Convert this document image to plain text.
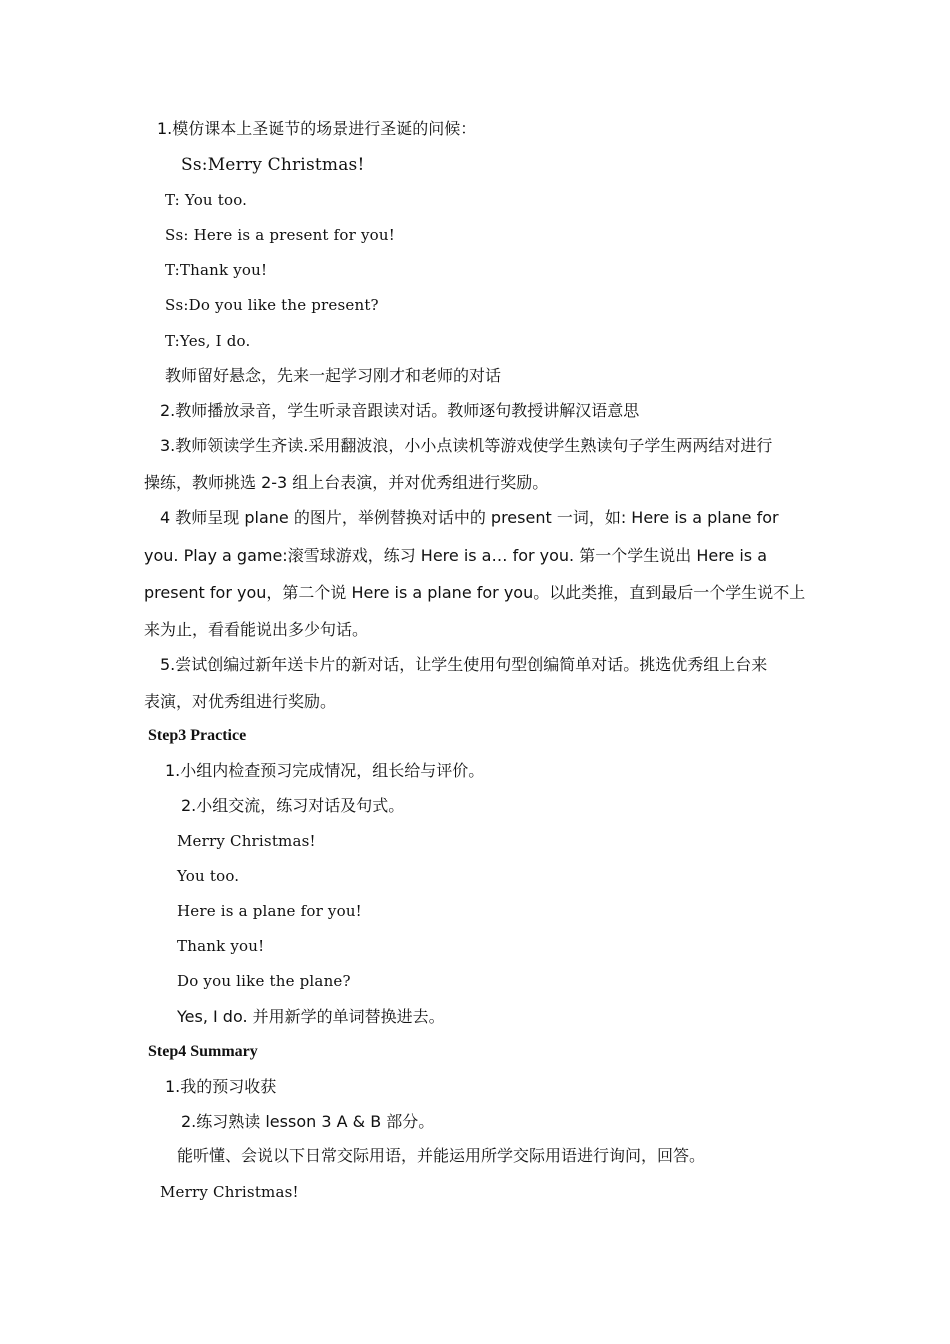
1.模仿课本上圣诞节的场景进行圣诞的问候：
Ss:Merry Christmas!
T: You too.
Ss: Here is a present for you!
T:Thank you!
Ss:Do you like the present?
T:Yes, I do.
教师留好悬念，先来一起学习刚才和老师的对话
2.教师播放录音，学生听录音跟读对话。教师逐句教授讲解汉语意思
3.教师领读学生齐读.采用翻波浪，小小点读机等游戏使学生熟读句子学生两两结对进行
操练，教师挑选 2-3 组上台表演，并对优秀组进行奖励。
4 教师呈现 plane 的图片，举例替换对话中的 present 一词，如: Here is a plane for
you. Play a game:滚雪球游戏，练习 Here is a… for you. 第一个学生说出 Here is a
present for you，第二个说 Here is a plane for you。以此类推，直到最后一个学生说不上
来为止，看看能说出多少句话。
5.尝试创编过新年送卡片的新对话，让学生使用句型创编简单对话。挑选优秀组上台来
表演，对优秀组进行奖励。
Step3 Practice
1.小组内检查预习完成情况，组长给与评价。
2.小组交流，练习对话及句式。
Merry Christmas!
You too.
Here is a plane for you!
Thank you!
Do you like the plane?
Yes, I do. 并用新学的单词替换进去。
Step4 Summary
1.我的预习收获
2.练习熟读 lesson 3 A & B 部分。
能听懂、会说以下日常交际用语，并能运用所学交际用语进行询问，回答。
Merry Christmas!
